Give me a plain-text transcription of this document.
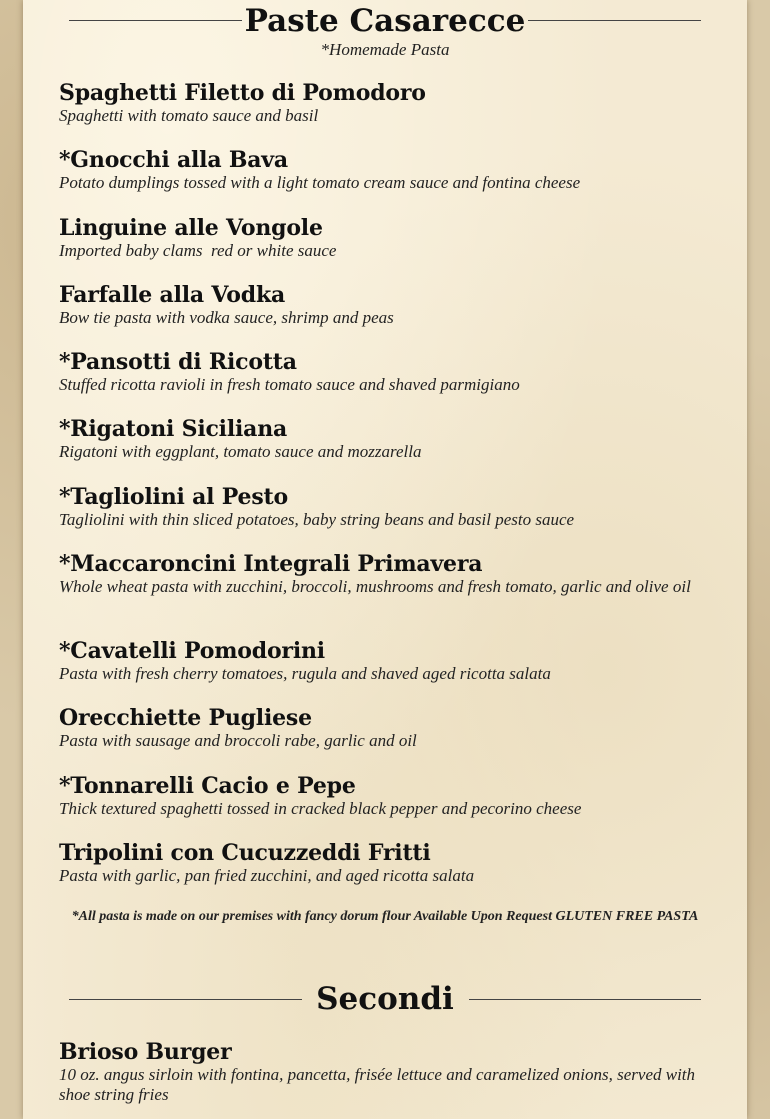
Paste Casarecce
*Homemade Pasta
Spaghetti Filetto di Pomodoro
Spaghetti with tomato sauce and basil
*Gnocchi alla Bava
Potato dumplings tossed with a light tomato cream sauce and fontina cheese
Linguine alle Vongole
Imported baby clams  red or white sauce
Farfalle alla Vodka
Bow tie pasta with vodka sauce, shrimp and peas
*Pansotti di Ricotta
Stuffed ricotta ravioli in fresh tomato sauce and shaved parmigiano
*Rigatoni Siciliana
Rigatoni with eggplant, tomato sauce and mozzarella
*Tagliolini al Pesto
Tagliolini with thin sliced potatoes, baby string beans and basil pesto sauce
*Maccaroncini Integrali Primavera
Whole wheat pasta with zucchini, broccoli, mushrooms and fresh tomato, garlic and olive oil
*Cavatelli Pomodorini
Pasta with fresh cherry tomatoes, rugula and shaved aged ricotta salata
Orecchiette Pugliese
Pasta with sausage and broccoli rabe, garlic and oil
*Tonnarelli Cacio e Pepe
Thick textured spaghetti tossed in cracked black pepper and pecorino cheese
Tripolini con Cucuzzeddi Fritti
Pasta with garlic, pan fried zucchini, and aged ricotta salata
*All pasta is made on our premises with fancy dorum flour Available Upon Request GLUTEN FREE PASTA
Secondi
Brioso Burger
10 oz. angus sirloin with fontina, pancetta, frisée lettuce and caramelized onions, served with shoe string fries
